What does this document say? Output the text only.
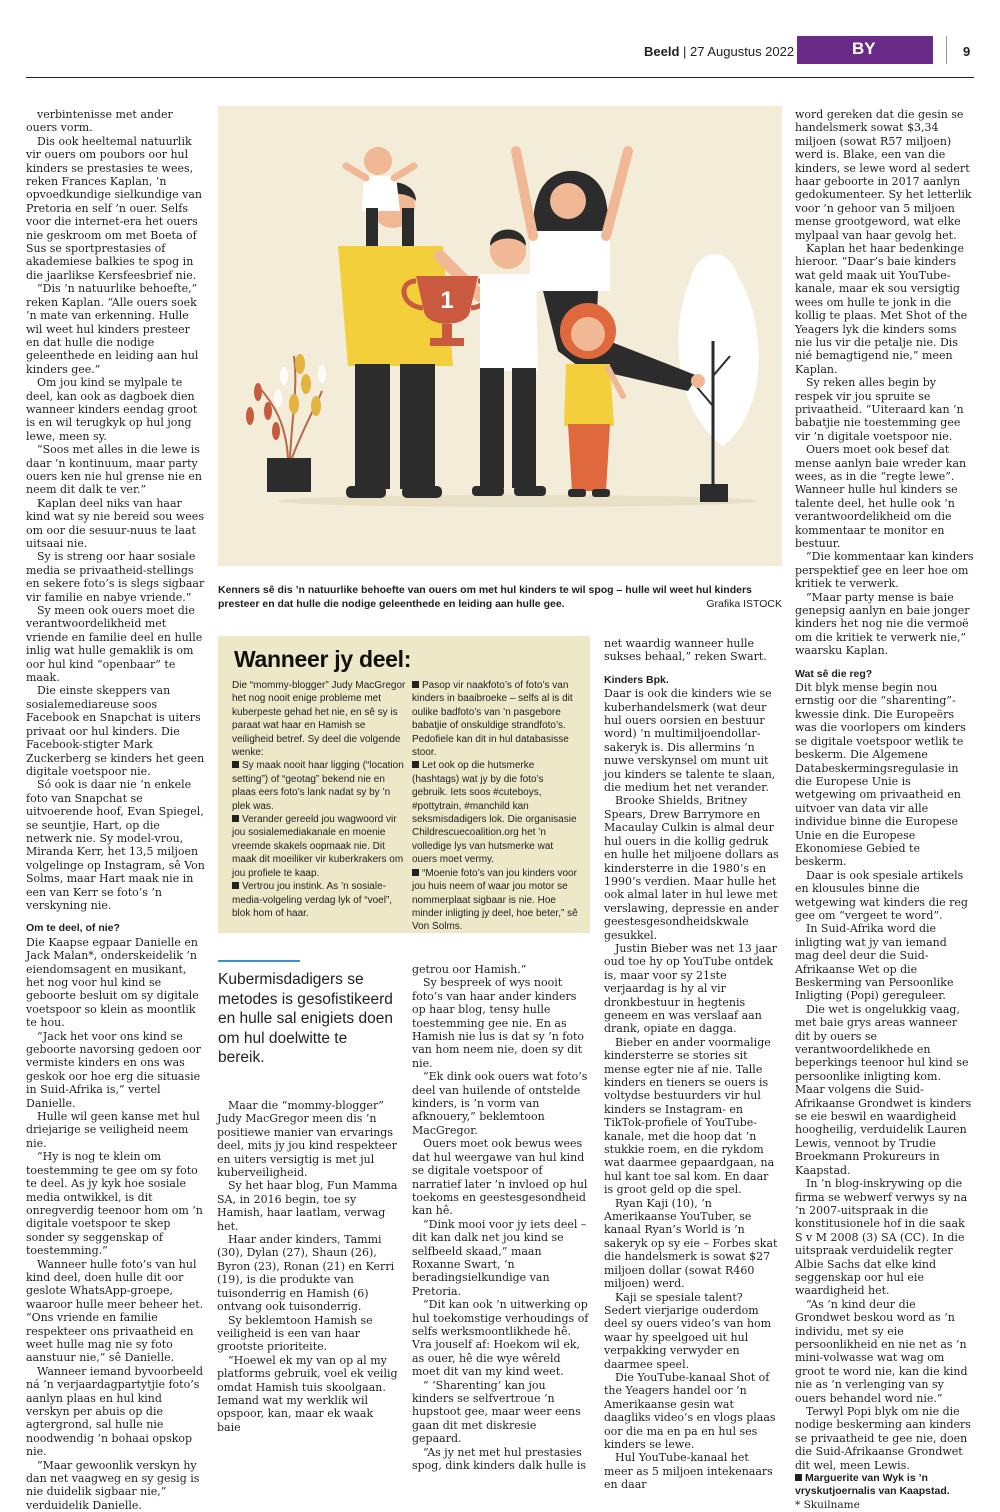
Beeld | 27 Augustus 2022	BY	9

verbintenisse met ander ouers vorm.

Dis ook heeltemal natuurlik vir ouers om poubors oor hul kinders se prestasies te wees, reken Frances Kaplan, ’n opvoedkundige sielkundige van Pretoria en self ’n ouer. Selfs voor die internet-era het ouers nie geskroom om met Boeta of Sus se sportprestasies of akademiese balkies te spog in die jaarlikse Kersfeesbrief nie.

“Dis ’n natuurlike behoefte,” reken Kaplan. “Alle ouers soek ’n mate van erkenning. Hulle wil weet hul kinders presteer en dat hulle die nodige geleenthede en leiding aan hul kinders gee.”

Om jou kind se mylpale te deel, kan ook as dagboek dien wanneer kinders eendag groot is en wil terugkyk op hul jong lewe, meen sy.

“Soos met alles in die lewe is daar ’n kontinuum, maar party ouers ken nie hul grense nie en neem dit dalk te ver.”

Kaplan deel niks van haar kind wat sy nie bereid sou wees om oor die sesuur-nuus te laat uitsaai nie.

Sy is streng oor haar sosiale media se privaatheid-stellings en sekere foto’s is slegs sigbaar vir familie en nabye vriende.”

Sy meen ook ouers moet die verantwoordelikheid met vriende en familie deel en hulle inlig wat hulle gemaklik is om oor hul kind “openbaar” te maak.

Die einste skeppers van sosialemediareuse soos Facebook en Snapchat is uiters privaat oor hul kinders. Die Facebook-stigter Mark Zuckerberg se kinders het geen digitale voetspoor nie.

Só ook is daar nie ’n enkele foto van Snapchat se uitvoerende hoof, Evan Spiegel, se seuntjie, Hart, op die netwerk nie. Sy model-vrou, Miranda Kerr, het 13,5 miljoen volgelinge op Instagram, sê Von Solms, maar Hart maak nie in een van Kerr se foto’s ’n verskyning nie.

Om te deel, of nie?

Die Kaapse egpaar Danielle en Jack Malan*, onderskeidelik ’n eiendomsagent en musikant, het nog voor hul kind se geboorte besluit om sy digitale voetspoor so klein as moontlik te hou.

“Jack het voor ons kind se geboorte navorsing gedoen oor vermiste kinders en ons was geskok oor hoe erg die situasie in Suid-Afrika is,” vertel Danielle.

Hulle wil geen kanse met hul driejarige se veiligheid neem nie.

“Hy is nog te klein om toestemming te gee om sy foto te deel. As jy kyk hoe sosiale media ontwikkel, is dit onregverdig teenoor hom om ’n digitale voetspoor te skep sonder sy seggenskap of toestemming.”

Wanneer hulle foto’s van hul kind deel, doen hulle dit oor geslote WhatsApp-groepe, waaroor hulle meer beheer het. “Ons vriende en familie respekteer ons privaatheid en weet hulle mag nie sy foto aanstuur nie,” sê Danielle.

Wanneer iemand byvoorbeeld ná ’n verjaardagpartytjie foto’s aanlyn plaas en hul kind verskyn per abuis op die agtergrond, sal hulle nie noodwendig ’n bohaai opskop nie.

“Maar gewoonlik verskyn hy dan net vaagweg en sy gesig is nie duidelik sigbaar nie,” verduidelik Danielle.

1
Kenners sê dis ’n natuurlike behoefte van ouers om met hul kinders te wil spog – hulle wil weet hul kinders presteer en dat hulle die nodige geleenthede en leiding aan hulle gee.	Grafika ISTOCK
Wanneer jy deel:
Die “mommy-blogger” Judy MacGregor het nog nooit enige probleme met kuberpeste gehad het nie, en sê sy is paraat wat haar en Hamish se veiligheid betref. Sy deel die volgende wenke:
Sy maak nooit haar ligging (“location setting”) of “geotag” bekend nie en plaas eers foto’s lank nadat sy by ’n plek was.
Verander gereeld jou wagwoord vir jou sosialemediakanale en moenie vreemde skakels oopmaak nie. Dit maak dit moeiliker vir kuberkrakers om jou profiele te kaap.
Vertrou jou instink. As ’n sosialemedia-volgeling verdag lyk of “voel”, blok hom of haar.
Pasop vir naakfoto’s of foto’s van kinders in baaibroeke – selfs al is dit oulike badfoto’s van ’n pasgebore babatjie of onskuldige strandfoto’s. Pedofiele kan dit in hul databasisse stoor.
Let ook op die hutsmerke (hashtags) wat jy by die foto’s gebruik. Iets soos #cuteboys, #pottytrain, #manchild kan seksmisdadigers lok. Die organisasie Childrescuecoalition.org het ’n volledige lys van hutsmerke wat ouers moet vermy.
“Moenie foto’s van jou kinders voor jou huis neem of waar jou motor se nommerplaat sigbaar is nie. Hoe minder inligting jy deel, hoe beter,” sê Von Solms.
Kubermisdadigers se metodes is gesofistikeerd en hulle sal enigiets doen om hul doelwitte te bereik.

Maar die “mommy-blogger” Judy MacGregor meen dis ’n positiewe manier van ervarings deel, mits jy jou kind respekteer en uiters versigtig is met jul kuberveiligheid.

Sy het haar blog, Fun Mamma SA, in 2016 begin, toe sy Hamish, haar laatlam, verwag het.

Haar ander kinders, Tammi (30), Dylan (27), Shaun (26), Byron (23), Ronan (21) en Kerri (19), is die produkte van tuisonderrig en Hamish (6) ontvang ook tuisonderrig.

Sy beklemtoon Hamish se veiligheid is een van haar grootste prioriteite.

“Hoewel ek my van op al my platforms gebruik, voel ek veilig omdat Hamish tuis skoolgaan. Iemand wat my werklik wil opspoor, kan, maar ek waak baie

getrou oor Hamish.”

Sy bespreek of wys nooit foto’s van haar ander kinders op haar blog, tensy hulle toestemming gee nie. En as Hamish nie lus is dat sy ’n foto van hom neem nie, doen sy dit nie.

“Ek dink ook ouers wat foto’s deel van huilende of ontstelde kinders, is ’n vorm van afknouery,” beklemtoon MacGregor.

Ouers moet ook bewus wees dat hul weergawe van hul kind se digitale voetspoor of narratief later ’n invloed op hul toekoms en geestesgesondheid kan hê.

“Dink mooi voor jy iets deel – dit kan dalk net jou kind se selfbeeld skaad,” maan Roxanne Swart, ’n beradingsielkundige van Pretoria.

“Dit kan ook ’n uitwerking op hul toekomstige verhoudings of selfs werksmoontlikhede hê. Vra jouself af: Hoekom wil ek, as ouer, hê die wye wêreld moet dit van my kind weet.

“ ‘Sharenting’ kan jou kinders se selfvertroue ’n hupstoot gee, maar weer eens gaan dit met diskresie gepaard.

“As jy net met hul prestasies spog, dink kinders dalk hulle is

net waardig wanneer hulle sukses behaal,” reken Swart.

Kinders Bpk.

Daar is ook die kinders wie se kuberhandelsmerk (wat deur hul ouers oorsien en bestuur word) ’n multimiljoendollar-sakeryk is. Dis allermins ’n nuwe verskynsel om munt uit jou kinders se talente te slaan, die medium het net verander.

Brooke Shields, Britney Spears, Drew Barrymore en Macaulay Culkin is almal deur hul ouers in die kollig gedruk en hulle het miljoene dollars as kindersterre in die 1980’s en 1990’s verdien. Maar hulle het ook almal later in hul lewe met verslawing, depressie en ander geestesgesondheidskwale gesukkel.

Justin Bieber was net 13 jaar oud toe hy op YouTube ontdek is, maar voor sy 21ste verjaardag is hy al vir dronkbestuur in hegtenis geneem en was verslaaf aan drank, opiate en dagga.

Bieber en ander voormalige kindersterre se stories sit mense egter nie af nie. Talle kinders en tieners se ouers is voltydse bestuurders vir hul kinders se Instagram- en TikTok-profiele of YouTube-kanale, met die hoop dat ’n stukkie roem, en die rykdom wat daarmee gepaardgaan, na hul kant toe sal kom. En daar is groot geld op die spel.

Ryan Kaji (10), ’n Amerikaanse YouTuber, se kanaal Ryan’s World is ’n sakeryk op sy eie – Forbes skat die handelsmerk is sowat $27 miljoen dollar (sowat R460 miljoen) werd.

Kaji se spesiale talent? Sedert vierjarige ouderdom deel sy ouers video’s van hom waar hy speelgoed uit hul verpakking verwyder en daarmee speel.

Die YouTube-kanaal Shot of the Yeagers handel oor ’n Amerikaanse gesin wat daagliks video’s en vlogs plaas oor die ma en pa en hul ses kinders se lewe.

Hul YouTube-kanaal het meer as 5 miljoen intekenaars en daar

word gereken dat die gesin se handelsmerk sowat $3,34 miljoen (sowat R57 miljoen) werd is. Blake, een van die kinders, se lewe word al sedert haar geboorte in 2017 aanlyn gedokumenteer. Sy het letterlik voor ’n gehoor van 5 miljoen mense grootgeword, wat elke mylpaal van haar gevolg het.

Kaplan het haar bedenkinge hieroor. “Daar’s baie kinders wat geld maak uit YouTube-kanale, maar ek sou versigtig wees om hulle te jonk in die kollig te plaas. Met Shot of the Yeagers lyk die kinders soms nie lus vir die petalje nie. Dis nié bemagtigend nie,” meen Kaplan.

Sy reken alles begin by respek vir jou spruite se privaatheid. “Uiteraard kan ’n babatjie nie toestemming gee vir ’n digitale voetspoor nie.

Ouers moet ook besef dat mense aanlyn baie wreder kan wees, as in die “regte lewe”. Wanneer hulle hul kinders se talente deel, het hulle ook ’n verantwoordelikheid om die kommentaar te monitor en bestuur.

“Die kommentaar kan kinders perspektief gee en leer hoe om kritiek te verwerk.

“Maar party mense is baie genepsig aanlyn en baie jonger kinders het nog nie die vermoë om die kritiek te verwerk nie,” waarsku Kaplan.

Wat sê die reg?

Dit blyk mense begin nou ernstig oor die “sharenting”-kwessie dink. Die Europeërs was die voorlopers om kinders se digitale voetspoor wetlik te beskerm. Die Algemene Databeskermingsregulasie in die Europese Unie is wetgewing om privaatheid en uitvoer van data vir alle individue binne die Europese Unie en die Europese Ekonomiese Gebied te beskerm.

Daar is ook spesiale artikels en klousules binne die wetgewing wat kinders die reg gee om “vergeet te word”.

In Suid-Afrika word die inligting wat jy van iemand mag deel deur die Suid-Afrikaanse Wet op die Beskerming van Persoonlike Inligting (Popi) gereguleer.

Die wet is ongelukkig vaag, met baie grys areas wanneer dit by ouers se verantwoordelikhede en beperkings teenoor hul kind se persoonlike inligting kom. Maar volgens die Suid-Afrikaanse Grondwet is kinders se eie beswil en waardigheid hoogheilig, verduidelik Lauren Lewis, vennoot by Trudie Broekmann Prokureurs in Kaapstad.

In ’n blog-inskrywing op die firma se webwerf verwys sy na ’n 2007-uitspraak in die konstitusionele hof in die saak S v M 2008 (3) SA (CC). In die uitspraak verduidelik regter Albie Sachs dat elke kind seggenskap oor hul eie waardigheid het.

“As ’n kind deur die Grondwet beskou word as ’n individu, met sy eie persoonlikheid en nie net as ’n mini-volwasse wat wag om groot te word nie, kan die kind nie as ’n verlenging van sy ouers behandel word nie.”

Terwyl Popi blyk om nie die nodige beskerming aan kinders se privaatheid te gee nie, doen die Suid-Afrikaanse Grondwet dit wel, meen Lewis.

Marguerite van Wyk is ’n vryskutjoernalis van Kaapstad.

* Skuilname
